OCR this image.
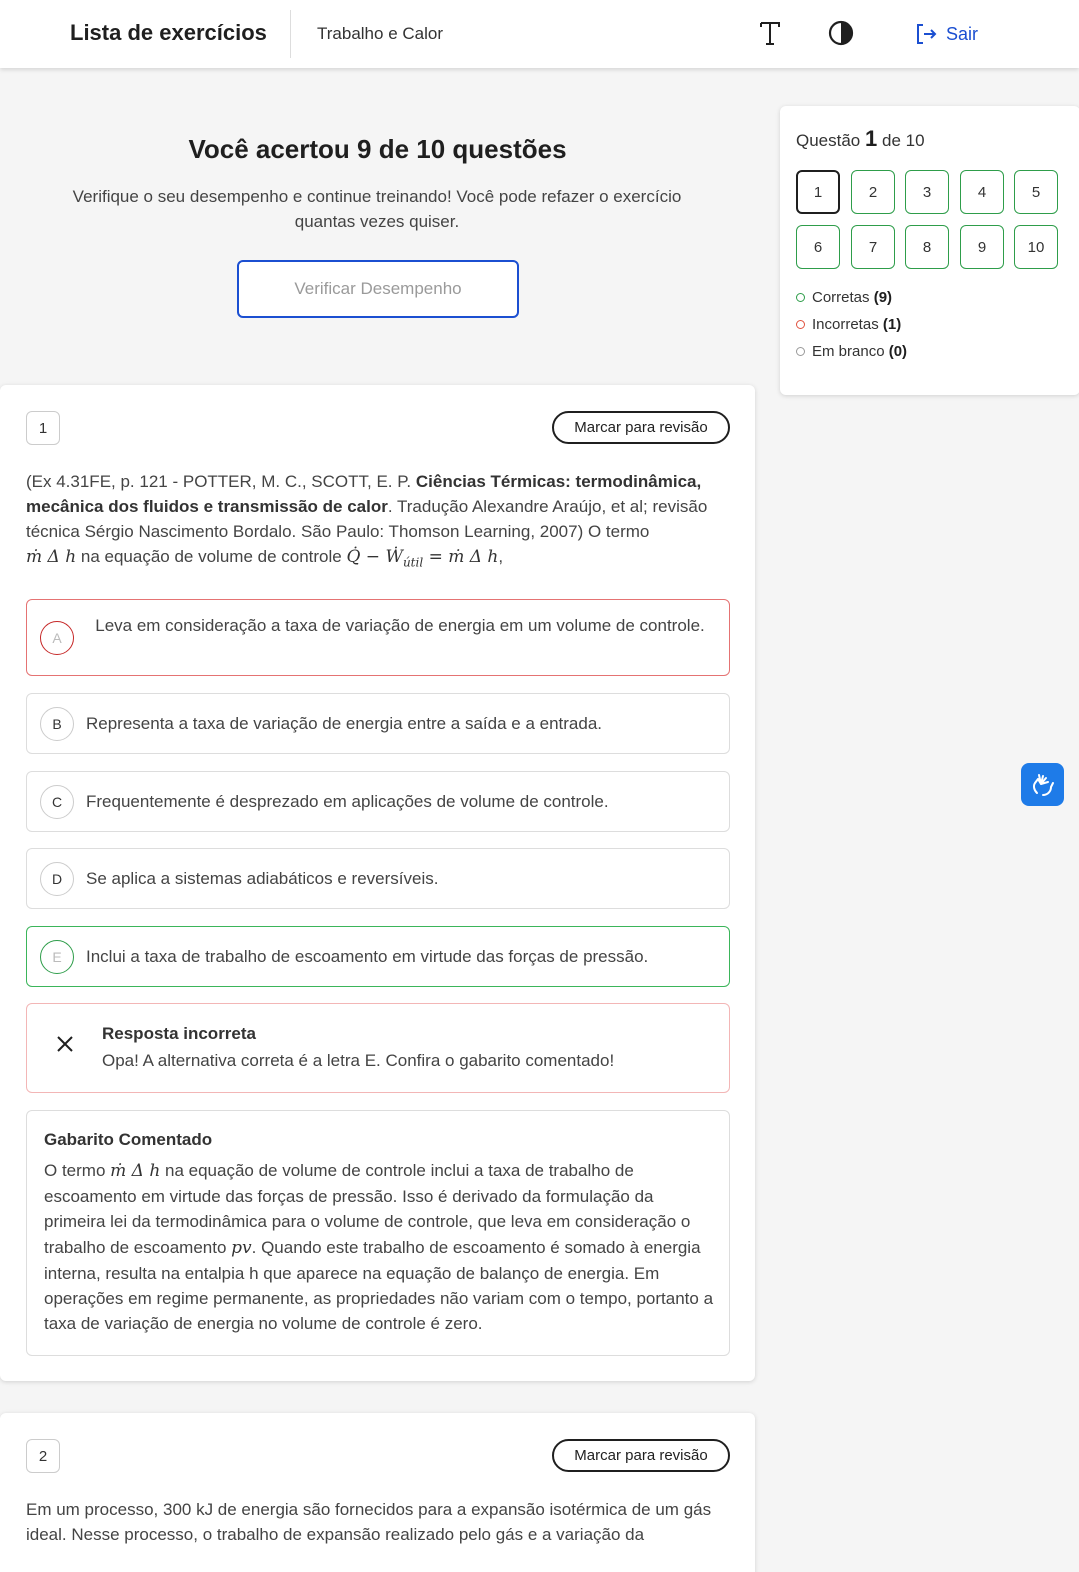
Lista de exercícios	Trabalho e Calor	Sair
Você acertou 9 de 10 questões
Verifique o seu desempenho e continue treinando! Você pode refazer o exercício quantas vezes quiser.
Verificar Desempenho
Questão 1 de 10
1	2	3	4	5
6	7	8	9	10
Corretas (9)
Incorretas (1)
Em branco (0)
1	Marcar para revisão
(Ex 4.31FE, p. 121 - POTTER, M. C., SCOTT, E. P. Ciências Térmicas: termodinâmica, mecânica dos fluidos e transmissão de calor. Tradução Alexandre Araújo, et al; revisão técnica Sérgio Nascimento Bordalo. São Paulo: Thomson Learning, 2007) O termo
ṁ Δ h na equação de volume de controle Q̇ − Ẇ$_{útil}$ = ṁ Δ h,
A
Leva em consideração a taxa de variação de energia em um volume de controle.
B	Representa a taxa de variação de energia entre a saída e a entrada.
C	Frequentemente é desprezado em aplicações de volume de controle.
D	Se aplica a sistemas adiabáticos e reversíveis.
E	Inclui a taxa de trabalho de escoamento em virtude das forças de pressão.
Resposta incorreta
Opa! A alternativa correta é a letra E. Confira o gabarito comentado!
Gabarito Comentado
O termo ṁ Δ h na equação de volume de controle inclui a taxa de trabalho de escoamento em virtude das forças de pressão. Isso é derivado da formulação da primeira lei da termodinâmica para o volume de controle, que leva em consideração o trabalho de escoamento pv. Quando este trabalho de escoamento é somado à energia interna, resulta na entalpia h que aparece na equação de balanço de energia. Em operações em regime permanente, as propriedades não variam com o tempo, portanto a taxa de variação de energia no volume de controle é zero.
2	Marcar para revisão
Em um processo, 300 kJ de energia são fornecidos para a expansão isotérmica de um gás ideal. Nesse processo, o trabalho de expansão realizado pelo gás e a variação da
